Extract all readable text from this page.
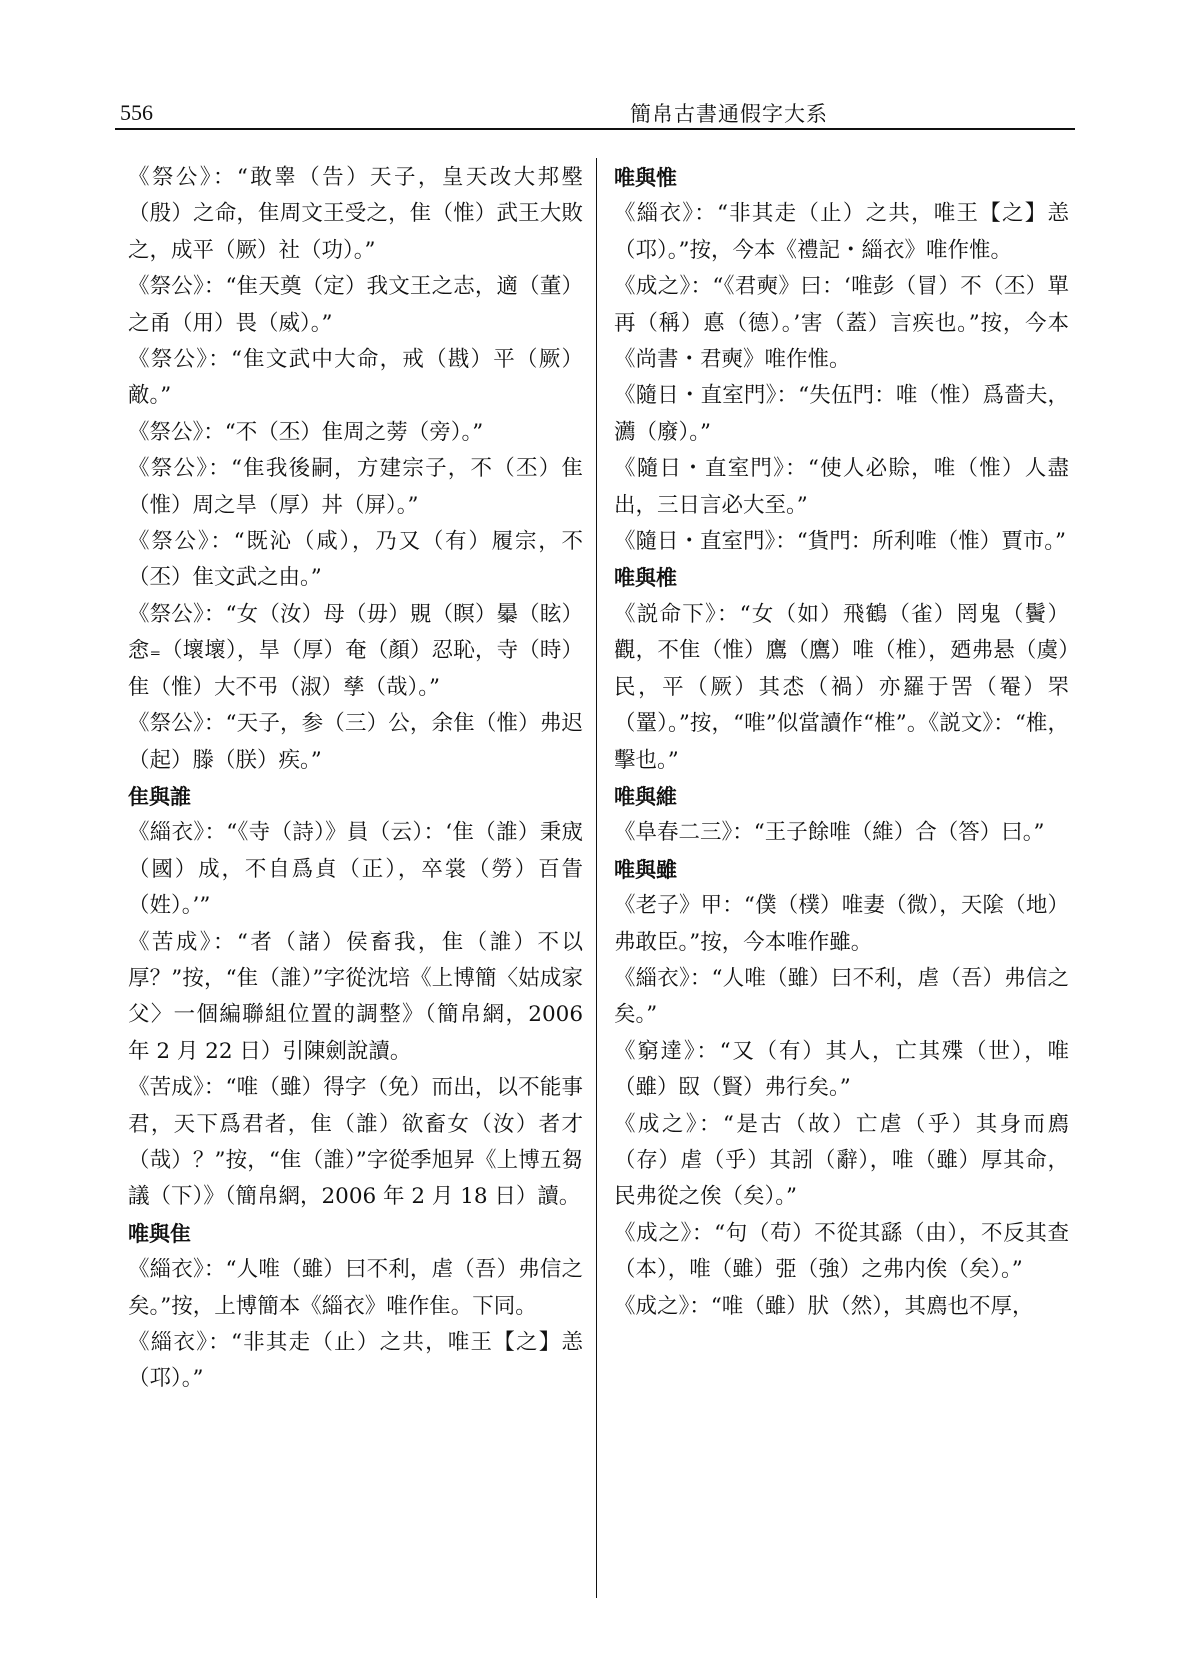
556	簡帛古書通假字大系

《祭公》：“敢睾（告）天子，皇天改大邦壂（殷）之命，隹周文王受之，隹（惟）武王大敗之，成平（厥）社（功）。”

《祭公》：“隹天奠（定）我文王之志，適（董）之甬（用）畏（威）。”

《祭公》：“隹文武中大命，戒（戡）平（厥）敵。”

《祭公》：“不（丕）隹周之蒡（旁）。”

《祭公》：“隹我後嗣，方建宗子，不（丕）隹（惟）周之旱（厚）丼（屏）。”

《祭公》：“既沁（咸），乃又（有）履宗，不（丕）隹文武之由。”

《祭公》：“女（汝）母（毋）覞（瞑）㬥（眩）悆₌（壞壞），旱（厚）奄（顏）忍恥，寺（時）隹（惟）大不弔（淑）孳（哉）。”

《祭公》：“天子，参（三）公，余隹（惟）弗迟（起）滕（朕）疾。”

隹與誰

《緇衣》：“《寺（詩）》員（云）：‘隹（誰）秉宬（國）成，不自爲貞（正），卒裳（勞）百眚（姓）。’”

《苦成》：“者（諸）侯畜我，隹（誰）不以厚？”按，“隹（誰）”字從沈培《上博簡〈姑成家父〉一個編聯組位置的調整》（簡帛網，2006 年 2 月 22 日）引陳劍說讀。

《苦成》：“唯（雖）得字（免）而出，以不能事君，天下爲君者，隹（誰）欲畜女（汝）者才（哉）？”按，“隹（誰）”字從季旭昇《上博五芻議（下）》（簡帛網，2006 年 2 月 18 日）讀。

唯與隹

《緇衣》：“人唯（雖）曰不利，虐（吾）弗信之矣。”按，上博簡本《緇衣》唯作隹。下同。

《緇衣》：“非其走（止）之共，唯王【之】恙（邛）。”

唯與惟

《緇衣》：“非其走（止）之共，唯王【之】恙（邛）。”按，今本《禮記・緇衣》唯作惟。

《成之》：“《君奭》曰：‘唯彭（冒）不（丕）單再（稱）悳（德）。’害（蓋）言疾也。”按，今本《尚書・君奭》唯作惟。

《隨日・直室門》：“失伍門：唯（惟）爲嗇夫，瀳（廢）。”

《隨日・直室門》：“使人必賒，唯（惟）人盡出，三日言必大至。”

《隨日・直室門》：“貨門：所利唯（惟）賈市。”

唯與椎

《説命下》：“女（如）飛鶴（雀）罔鬼（鬢）觀，不隹（惟）鷹（鷹）唯（椎），廼弗悬（虞）民，平（厥）其怸（禍）亦羅于罟（罨）罘（罿）。”按，“唯”似當讀作“椎”。《説文》：“椎，擊也。”

唯與維

《阜春二三》：“王子餘唯（維）合（答）曰。”

唯與雖

《老子》甲：“僕（樸）唯妻（微），天隂（地）弗敢臣。”按，今本唯作雖。

《緇衣》：“人唯（雖）曰不利，虐（吾）弗信之矣。”

《窮達》：“又（有）其人，亡其殜（世），唯（雖）臤（賢）弗行矣。”

《成之》：“是古（故）亡虐（乎）其身而廌（存）虐（乎）其訠（辭），唯（雖）厚其命，民弗從之俟（矣）。”

《成之》：“句（苟）不從其繇（由），不反其查（本），唯（雖）弫（強）之弗内俟（矣）。”

《成之》：“唯（雖）肰（然），其廌也不厚，
